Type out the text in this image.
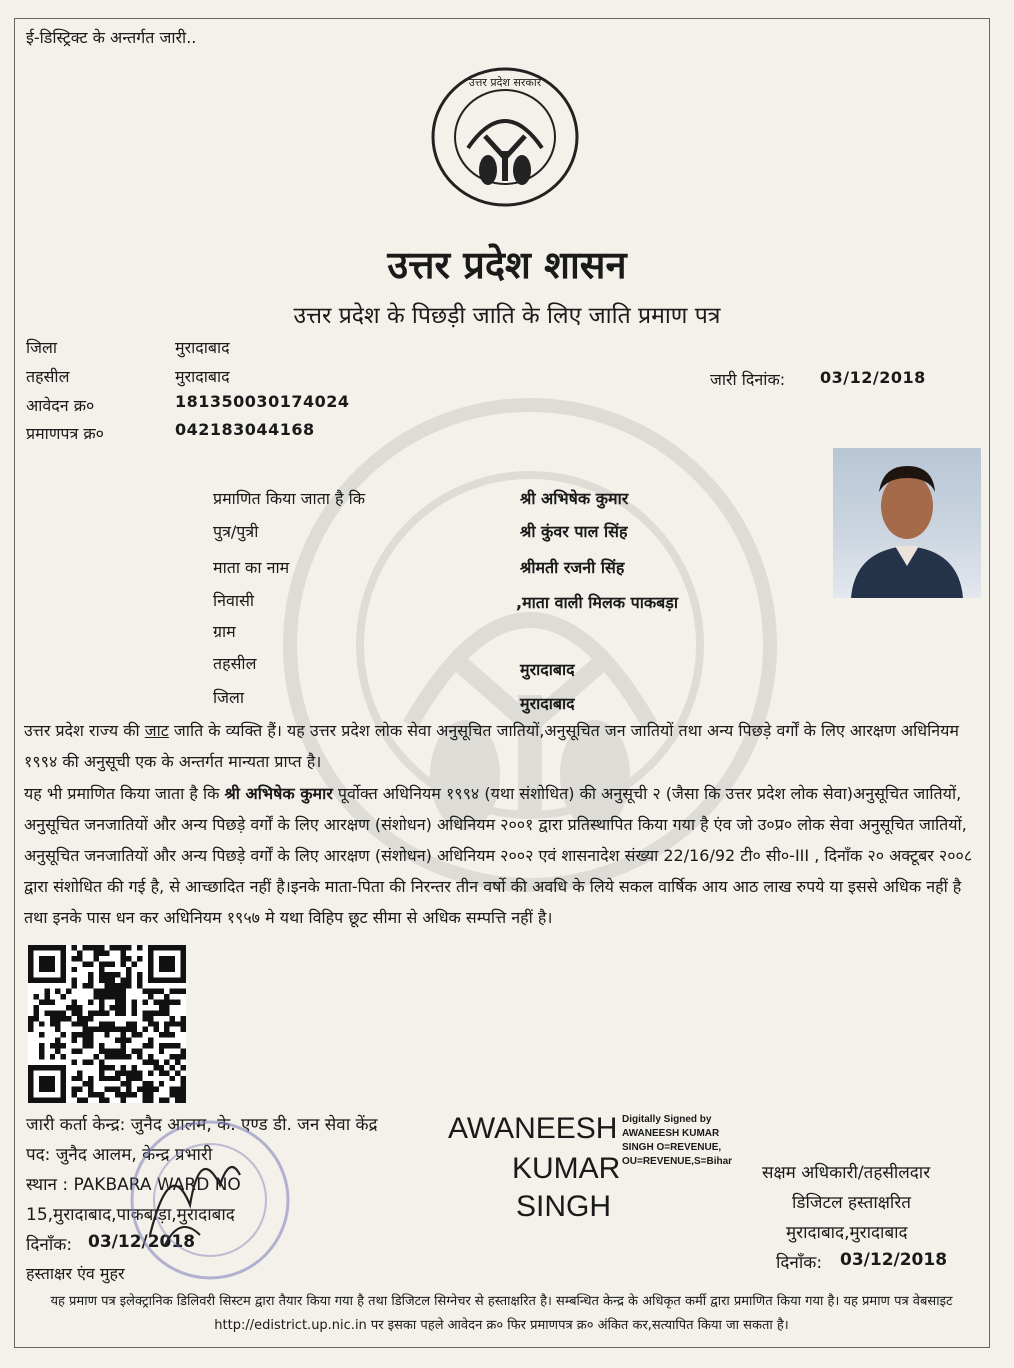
ई-डिस्ट्रिक्ट के अन्तर्गत जारी..
उत्तर प्रदेश सरकार
उत्तर प्रदेश शासन
उत्तर प्रदेश के पिछड़ी जाति के लिए जाति प्रमाण पत्र
जिला	मुरादाबाद
तहसील	मुरादाबाद
आवेदन क्र०	181350030174024
प्रमाणपत्र क्र०	042183044168
जारी दिनांक: 03/12/2018
प्रमाणित किया जाता है कि	श्री अभिषेक कुमार
पुत्र/पुत्री	श्री कुंवर पाल सिंह
माता का नाम	श्रीमती रजनी सिंह
निवासी	,माता वाली मिलक पाकबड़ा
ग्राम
तहसील	मुरादाबाद
जिला	मुरादाबाद
उत्तर प्रदेश राज्य की जाट जाति के व्यक्ति हैं। यह उत्तर प्रदेश लोक सेवा अनुसूचित जातियों,अनुसूचित जन जातियों तथा अन्य पिछड़े वर्गों के लिए आरक्षण अधिनियम १९९४ की अनुसूची एक के अन्तर्गत मान्यता प्राप्त है।
यह भी प्रमाणित किया जाता है कि श्री अभिषेक कुमार पूर्वोक्त अधिनियम १९९४ (यथा संशोधित) की अनुसूची २ (जैसा कि उत्तर प्रदेश लोक सेवा)अनुसूचित जातियों, अनुसूचित जनजातियों और अन्य पिछड़े वर्गों के लिए आरक्षण (संशोधन) अधिनियम २००१ द्वारा प्रतिस्थापित किया गया है एंव जो उ०प्र० लोक सेवा अनुसूचित जातियों, अनुसूचित जनजातियों और अन्य पिछड़े वर्गों के लिए आरक्षण (संशोधन) अधिनियम २००२ एवं शासनादेश संख्या 22/16/92 टी० सी०-III , दिनाँक २० अक्टूबर २००८ द्वारा संशोधित की गई है, से आच्छादित नहीं है।इनके माता-पिता की निरन्तर तीन वर्षो की अवधि के लिये सकल वार्षिक आय आठ लाख रुपये या इससे अधिक नहीं है तथा इनके पास धन कर अधिनियम १९५७ मे यथा विहिप छूट सीमा से अधिक सम्पत्ति नहीं है।
जारी कर्ता केन्द्र: जुनैद आलम, के. एण्ड डी. जन सेवा केंद्र
पद: जुनैद आलम, केन्द्र प्रभारी
स्थान : PAKBARA WARD NO
15,मुरादाबाद,पाकबाड़ा,मुरादाबाद
दिनाँक: 03/12/2018
हस्ताक्षर एंव मुहर
AWANEESH
KUMAR
SINGH
Digitally Signed by
AWANEESH KUMAR
SINGH O=REVENUE,
OU=REVENUE,S=Bihar
सक्षम अधिकारी/तहसीलदार
डिजिटल हस्ताक्षरित
मुरादाबाद,मुरादाबाद
दिनाँक: 03/12/2018
यह प्रमाण पत्र इलेक्ट्रानिक डिलिवरी सिस्टम द्वारा तैयार किया गया है तथा डिजिटल सिग्नेचर से हस्ताक्षरित है। सम्बन्धित केन्द्र के अधिकृत कर्मी द्वारा प्रमाणित किया गया है। यह प्रमाण पत्र वेबसाइट http://edistrict.up.nic.in पर इसका पहले आवेदन क्र० फिर प्रमाणपत्र क्र० अंकित कर,सत्यापित किया जा सकता है।
